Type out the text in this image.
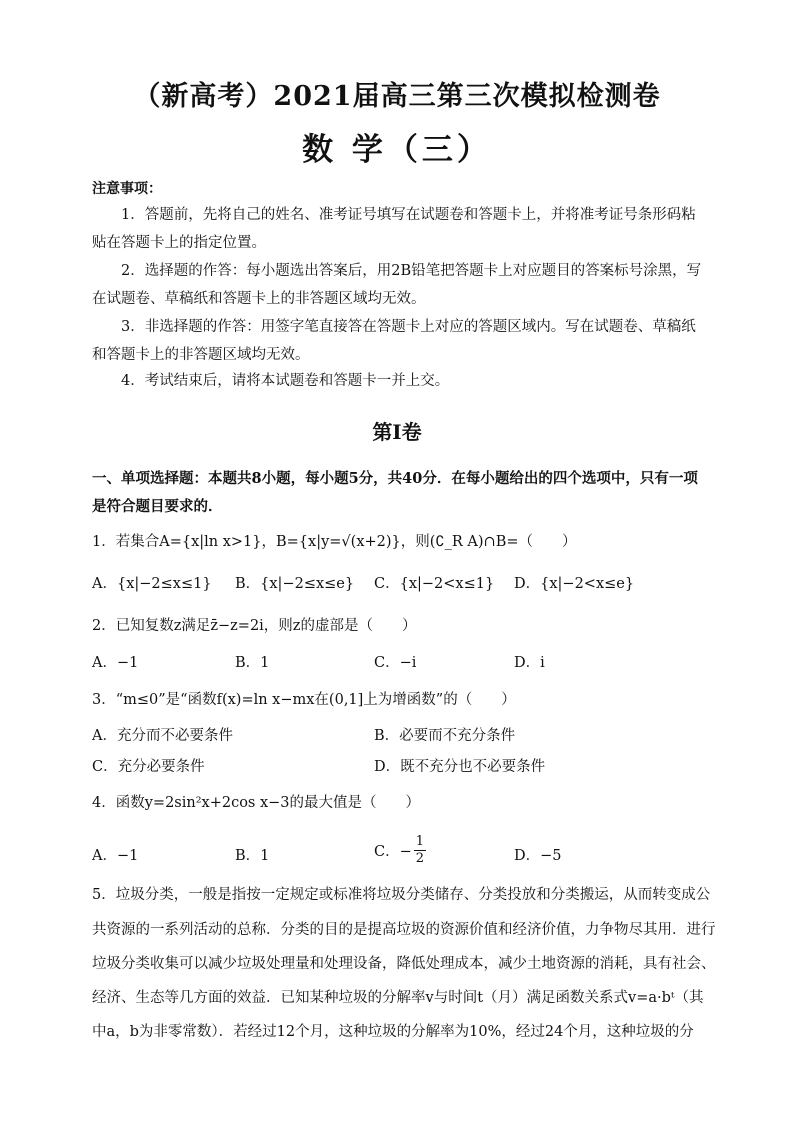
（新高考）2021届高三第三次模拟检测卷
数 学（三）
注意事项：
1．答题前，先将自己的姓名、准考证号填写在试题卷和答题卡上，并将准考证号条形码粘贴在答题卡上的指定位置。
2．选择题的作答：每小题选出答案后，用2B铅笔把答题卡上对应题目的答案标号涂黑，写在试题卷、草稿纸和答题卡上的非答题区域均无效。
3．非选择题的作答：用签字笔直接答在答题卡上对应的答题区域内。写在试题卷、草稿纸和答题卡上的非答题区域均无效。
4．考试结束后，请将本试题卷和答题卡一并上交。
第Ⅰ卷
一、单项选择题：本题共8小题，每小题5分，共40分．在每小题给出的四个选项中，只有一项是符合题目要求的．
1．若集合A={x|ln x>1}，B={x|y=√(x+2)}，则(∁_R A)∩B=（　　）
A．{x|−2≤x≤1} B．{x|−2≤x≤e} C．{x|−2<x≤1} D．{x|−2<x≤e}
2．已知复数z满足z̄−z=2i，则z的虚部是（　　）
A．−1	B．1	C．−i	D．i
3．“m≤0”是“函数f(x)=ln x−mx在(0,1]上为增函数”的（　　）
A．充分而不必要条件	B．必要而不充分条件
C．充分必要条件	D．既不充分也不必要条件
4．函数y=2sin²x+2cos x−3的最大值是（　　）
A．−1	B．1	C．− $\frac{1}{2}$	D．−5
5．垃圾分类，一般是指按一定规定或标准将垃圾分类储存、分类投放和分类搬运，从而转变成公
共资源的一系列活动的总称．分类的目的是提高垃圾的资源价值和经济价值，力争物尽其用．进行
垃圾分类收集可以减少垃圾处理量和处理设备，降低处理成本，减少土地资源的消耗，具有社会、
经济、生态等几方面的效益．已知某种垃圾的分解率v与时间t（月）满足函数关系式v=a·bᵗ（其
中a，b为非零常数）．若经过12个月，这种垃圾的分解率为10%，经过24个月，这种垃圾的分
